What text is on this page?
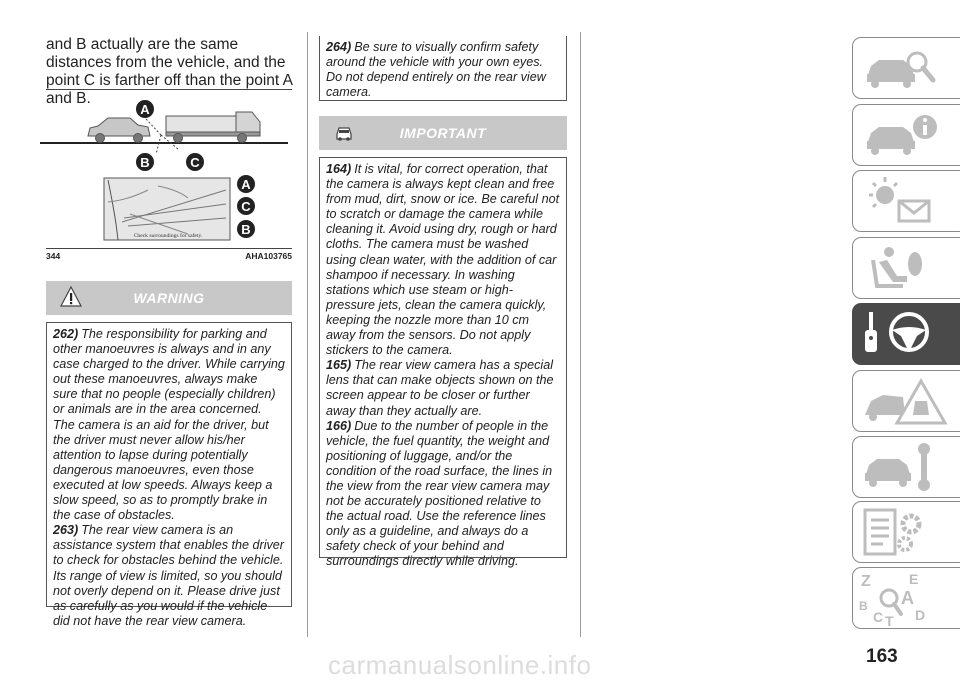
and B actually are the same distances from the vehicle, and the point C is farther off than the point A and B.
A
B	C
Check surroundings for safety.
A
C
B
344	AHA103765
WARNING

262) The responsibility for parking and other manoeuvres is always and in any case charged to the driver. While carrying out these manoeuvres, always make sure that no people (especially children) or animals are in the area concerned. The camera is an aid for the driver, but the driver must never allow his/her attention to lapse during potentially dangerous manoeuvres, even those executed at low speeds. Always keep a slow speed, so as to promptly brake in the case of obstacles.

263) The rear view camera is an assistance system that enables the driver to check for obstacles behind the vehicle. Its range of view is limited, so you should not overly depend on it. Please drive just as carefully as you would if the vehicle did not have the rear view camera.

264) Be sure to visually confirm safety around the vehicle with your own eyes. Do not depend entirely on the rear view camera.

IMPORTANT

164) It is vital, for correct operation, that the camera is always kept clean and free from mud, dirt, snow or ice. Be careful not to scratch or damage the camera while cleaning it. Avoid using dry, rough or hard cloths. The camera must be washed using clean water, with the addition of car shampoo if necessary. In washing stations which use steam or high-pressure jets, clean the camera quickly, keeping the nozzle more than 10 cm away from the sensors. Do not apply stickers to the camera.

165) The rear view camera has a special lens that can make objects shown on the screen appear to be closer or further away than they actually are.

166) Due to the number of people in the vehicle, the fuel quantity, the weight and positioning of luggage, and/or the condition of the road surface, the lines in the view from the rear view camera may not be accurately positioned relative to the actual road. Use the reference lines only as a guideline, and always do a safety check of your behind and surroundings directly while driving.

Z	E
B A
C T D
163
carmanualsonline.info
